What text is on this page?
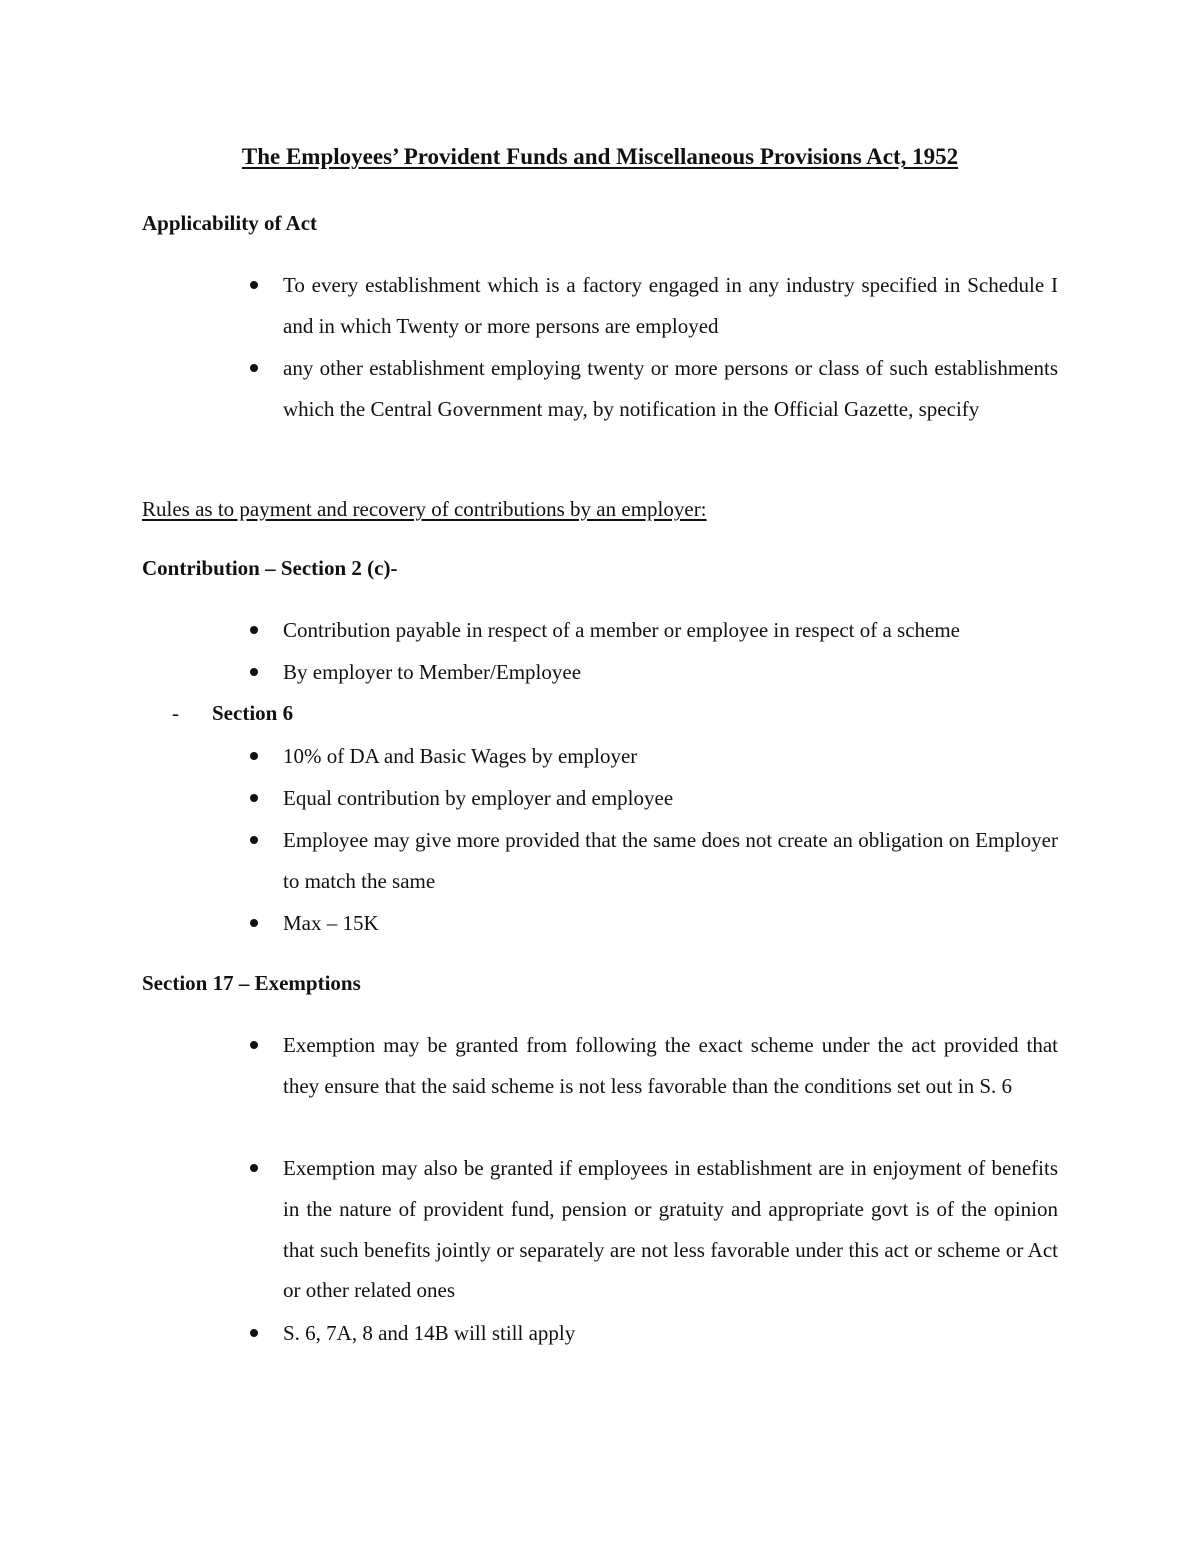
The Employees’ Provident Funds and Miscellaneous Provisions Act, 1952
Applicability of Act
To every establishment which is a factory engaged in any industry specified in Schedule I and in which Twenty or more persons are employed
any other establishment employing twenty or more persons or class of such establishments which the Central Government may, by notification in the Official Gazette, specify

Rules as to payment and recovery of contributions by an employer:

Contribution – Section 2 (c)-
Contribution payable in respect of a member or employee in respect of a scheme
By employer to Member/Employee
- Section 6
10% of DA and Basic Wages by employer
Equal contribution by employer and employee
Employee may give more provided that the same does not create an obligation on Employer to match the same
Max – 15K
Section 17 – Exemptions
Exemption may be granted from following the exact scheme under the act provided that they ensure that the said scheme is not less favorable than the conditions set out in S. 6
Exemption may also be granted if employees in establishment are in enjoyment of benefits in the nature of provident fund, pension or gratuity and appropriate govt is of the opinion that such benefits jointly or separately are not less favorable under this act or scheme or Act or other related ones
S. 6, 7A, 8 and 14B will still apply
